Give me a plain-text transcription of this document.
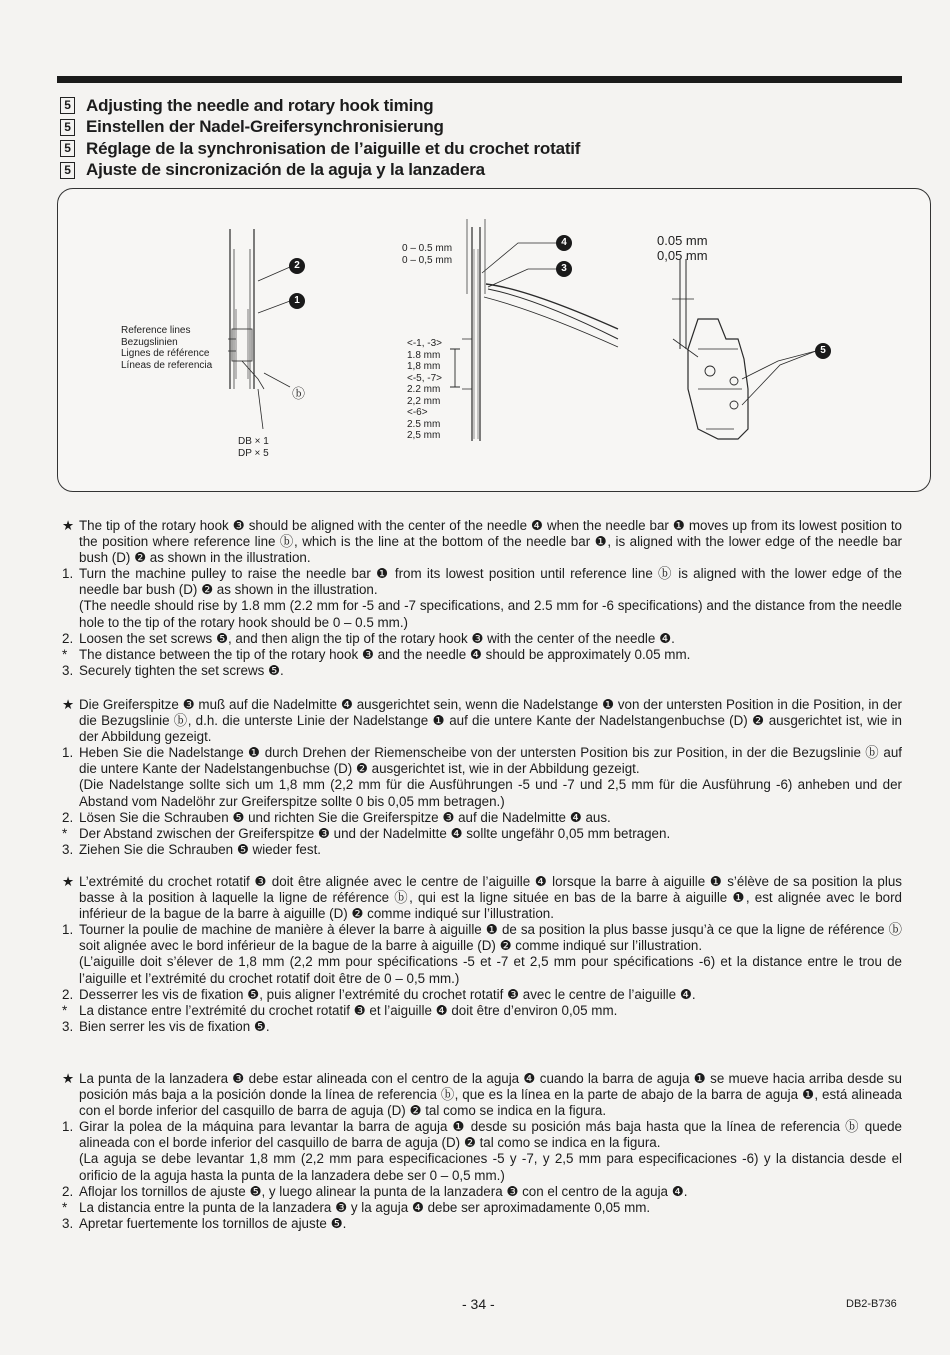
5 Adjusting the needle and rotary hook timing
5 Einstellen der Nadel-Greifersynchronisierung
5 Réglage de la synchronisation de l’aiguille et du crochet rotatif
5 Ajuste de sincronización de la aguja y la lanzadera
Reference lines
Bezugslinien
Lignes de référence
Líneas de referencia
DB × 1
DP × 5
0 – 0.5 mm
0 – 0,5 mm
<-1, -3>
1.8 mm
1,8 mm
<-5, -7>
2.2 mm
2,2 mm
<-6>
2.5 mm
2,5 mm
0.05 mm
0,05 mm
ⓑ
2
1
4
3
5
★ The tip of the rotary hook ❸ should be aligned with the center of the needle ❹ when the needle bar ❶ moves up from its lowest position to the position where reference line ⓑ, which is the line at the bottom of the needle bar ❶, is aligned with the lower edge of the needle bar bush (D) ❷ as shown in the illustration.
1. Turn the machine pulley to raise the needle bar ❶ from its lowest position until reference line ⓑ is aligned with the lower edge of the needle bar bush (D) ❷ as shown in the illustration.
(The needle should rise by 1.8 mm (2.2 mm for -5 and -7 specifications, and 2.5 mm for -6 specifications) and the distance from the needle hole to the tip of the rotary hook should be 0 – 0.5 mm.)
2. Loosen the set screws ❺, and then align the tip of the rotary hook ❸ with the center of the needle ❹.
* The distance between the tip of the rotary hook ❸ and the needle ❹ should be approximately 0.05 mm.
3. Securely tighten the set screws ❺.
★ Die Greiferspitze ❸ muß auf die Nadelmitte ❹ ausgerichtet sein, wenn die Nadelstange ❶ von der untersten Position in die Position, in der die Bezugslinie ⓑ, d.h. die unterste Linie der Nadelstange ❶ auf die untere Kante der Nadelstangenbuchse (D) ❷ ausgerichtet ist, wie in der Abbildung gezeigt.
1. Heben Sie die Nadelstange ❶ durch Drehen der Riemenscheibe von der untersten Position bis zur Position, in der die Bezugslinie ⓑ auf die untere Kante der Nadelstangenbuchse (D) ❷ ausgerichtet ist, wie in der Abbildung gezeigt.
(Die Nadelstange sollte sich um 1,8 mm (2,2 mm für die Ausführungen -5 und -7 und 2,5 mm für die Ausführung -6) anheben und der Abstand vom Nadelöhr zur Greiferspitze sollte 0 bis 0,05 mm betragen.)
2. Lösen Sie die Schrauben ❺ und richten Sie die Greiferspitze ❸ auf die Nadelmitte ❹ aus.
* Der Abstand zwischen der Greiferspitze ❸ und der Nadelmitte ❹ sollte ungefähr 0,05 mm betragen.
3. Ziehen Sie die Schrauben ❺ wieder fest.
★ L’extrémité du crochet rotatif ❸ doit être alignée avec le centre de l’aiguille ❹ lorsque la barre à aiguille ❶ s’élève de sa position la plus basse à la position à laquelle la ligne de référence ⓑ, qui est la ligne située en bas de la barre à aiguille ❶, est alignée avec le bord inférieur de la bague de la barre à aiguille (D) ❷ comme indiqué sur l’illustration.
1. Tourner la poulie de machine de manière à élever la barre à aiguille ❶ de sa position la plus basse jusqu’à ce que la ligne de référence ⓑ soit alignée avec le bord inférieur de la bague de la barre à aiguille (D) ❷ comme indiqué sur l’illustration.
(L’aiguille doit s’élever de 1,8 mm (2,2 mm pour spécifications -5 et -7 et 2,5 mm pour spécifications -6) et la distance entre le trou de l’aiguille et l’extrémité du crochet rotatif doit être de 0 – 0,5 mm.)
2. Desserrer les vis de fixation ❺, puis aligner l’extrémité du crochet rotatif ❸ avec le centre de l’aiguille ❹.
* La distance entre l’extrémité du crochet rotatif ❸ et l’aiguille ❹ doit être d’environ 0,05 mm.
3. Bien serrer les vis de fixation ❺.
★ La punta de la lanzadera ❸ debe estar alineada con el centro de la aguja ❹ cuando la barra de aguja ❶ se mueve hacia arriba desde su posición más baja a la posición donde la línea de referencia ⓑ, que es la línea en la parte de abajo de la barra de aguja ❶, está alineada con el borde inferior del casquillo de barra de aguja (D) ❷ tal como se indica en la figura.
1. Girar la polea de la máquina para levantar la barra de aguja ❶ desde su posición más baja hasta que la línea de referencia ⓑ quede alineada con el borde inferior del casquillo de barra de aguja (D) ❷ tal como se indica en la figura.
(La aguja se debe levantar 1,8 mm (2,2 mm para especificaciones -5 y -7, y 2,5 mm para especificaciones -6) y la distancia desde el orificio de la aguja hasta la punta de la lanzadera debe ser 0 – 0,5 mm.)
2. Aflojar los tornillos de ajuste ❺, y luego alinear la punta de la lanzadera ❸ con el centro de la aguja ❹.
* La distancia entre la punta de la lanzadera ❸ y la aguja ❹ debe ser aproximadamente 0,05 mm.
3. Apretar fuertemente los tornillos de ajuste ❺.
- 34 -	DB2-B736
